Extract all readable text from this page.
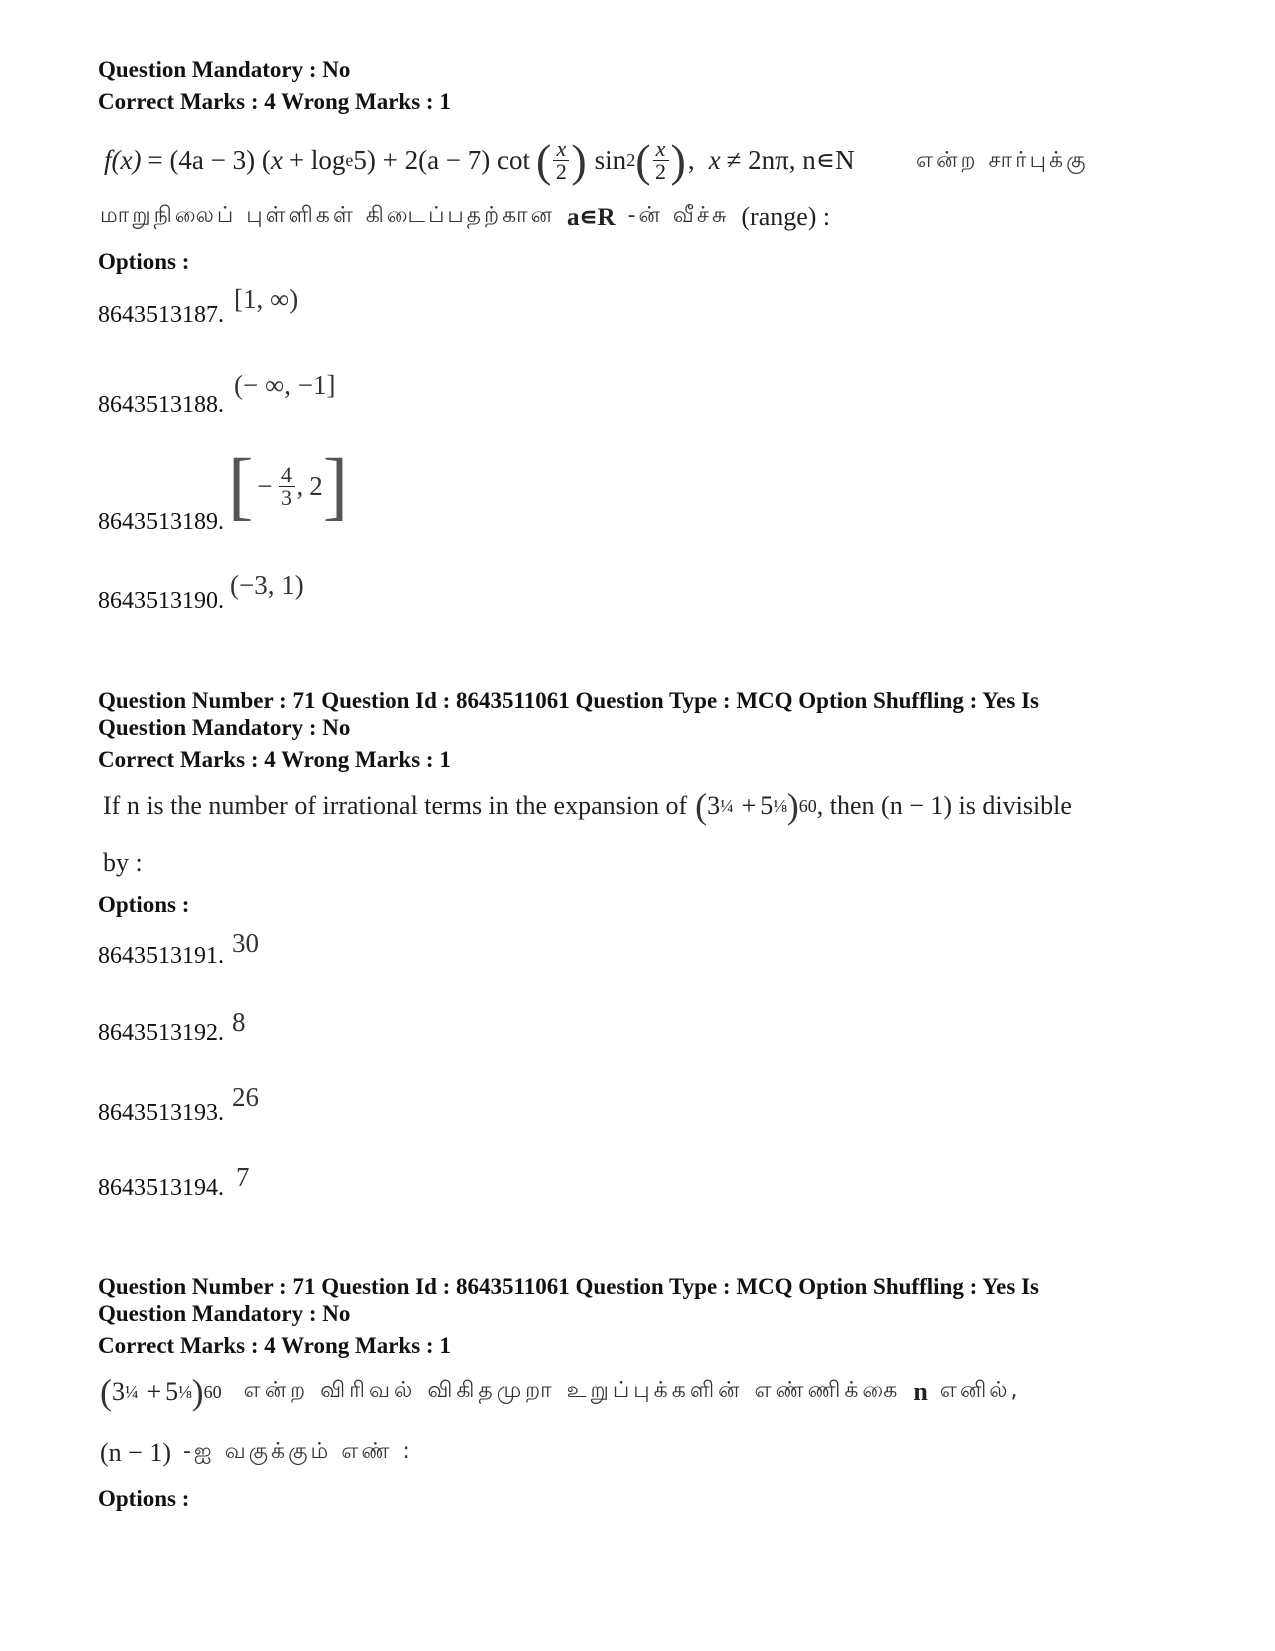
Question Mandatory : No
Correct Marks : 4 Wrong Marks : 1
f(x) = (4a − 3) ( x + log e 5) + 2(a − 7) cot ( $\frac{x}{2}$ ) sin 2 ( $\frac{x}{2}$ ) , x ≠ 2nπ, n∊N	என்ற சார்புக்கு
மாறுநிலைப் புள்ளிகள் கிடைப்பதற்கான a∊R -ன் வீச்சு (range) :
Options :
8643513187.
[1, ∞)
8643513188.
(− ∞, −1]
8643513189. [ − $\frac{4}{3}$ , 2 ]
8643513190.
(−3, 1)
Question Number : 71 Question Id : 8643511061 Question Type : MCQ Option Shuffling : Yes Is
Question Mandatory : No
Correct Marks : 4 Wrong Marks : 1
If n is the number of irrational terms in the expansion of ( 3 ¼ + 5 ⅛ ) 60 , then (n − 1) is divisible
by :
Options :
8643513191. 30
8643513192. 8
8643513193.
26
8643513194. 7
Question Number : 71 Question Id : 8643511061 Question Type : MCQ Option Shuffling : Yes Is
Question Mandatory : No
Correct Marks : 4 Wrong Marks : 1
( 3 ¼ + 5 ⅛ ) 60 என்ற விரிவல் விகிதமுறா உறுப்புக்களின் எண்ணிக்கை n எனில்,
(n − 1) -ஐ வகுக்கும் எண் :
Options :
